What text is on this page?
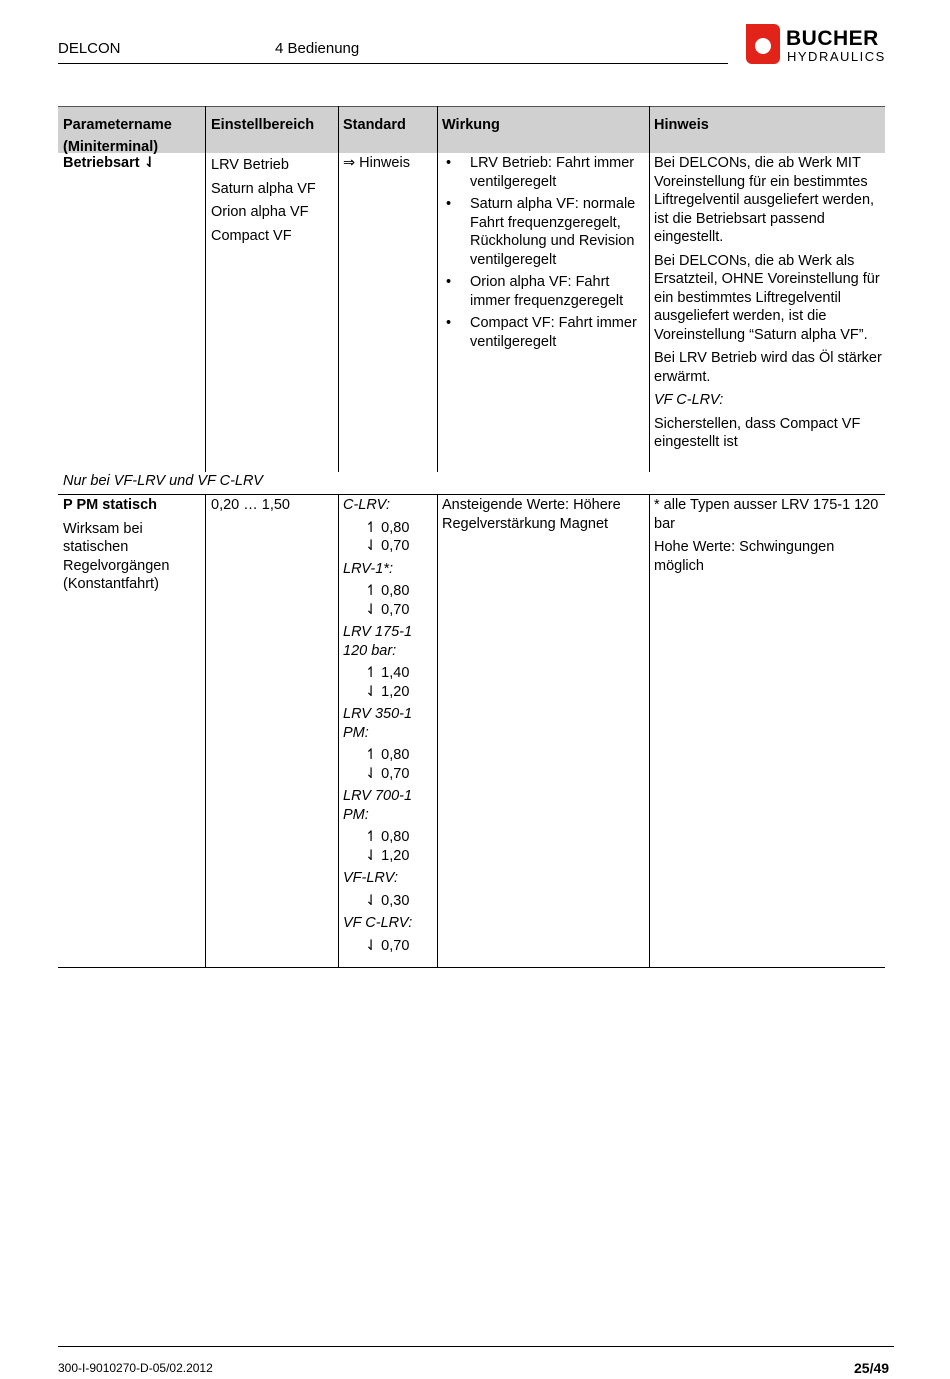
DELCON	4 Bedienung	BUCHER
HYDRAULICS
Parametername
(Miniterminal)
Einstellbereich	Standard	Wirkung	Hinweis

Betriebsart ⇃	LRV Betrieb
Saturn alpha VF
Orion alpha VF
Compact VF

⇒ Hinweis

•	LRV Betrieb: Fahrt immer ventilgeregelt
• Saturn alpha VF: normale Fahrt frequenzgeregelt, Rückholung und Revision ventilgeregelt
• Orion alpha VF: Fahrt immer frequenzgeregelt
• Compact VF: Fahrt immer ventilgeregelt

Bei DELCONs, die ab Werk MIT Voreinstellung für ein bestimmtes Liftregelventil ausgeliefert werden, ist die Betriebsart passend eingestellt.

Bei DELCONs, die ab Werk als Ersatzteil, OHNE Voreinstellung für ein bestimmtes Liftregelventil ausgeliefert werden, ist die Voreinstellung “Saturn alpha VF”.

Bei LRV Betrieb wird das Öl stärker erwärmt.

VF C-LRV:

Sicherstellen, dass Compact VF eingestellt ist

Nur bei VF-LRV und VF C-LRV

P PM statisch

Wirksam bei statischen Regelvorgängen (Konstantfahrt)

0,20 … 1,50	C-LRV:

↿ 0,80
⇃ 0,70

LRV-1*:

↿ 0,80
⇃ 0,70

LRV 175-1 120 bar:

↿ 1,40
⇃ 1,20

LRV 350-1 PM:

↿ 0,80
⇃ 0,70

LRV 700-1 PM:

↿ 0,80
⇃ 1,20

VF-LRV:

⇃ 0,30

VF C-LRV:

⇃ 0,70

Ansteigende Werte: Höhere Regelverstärkung Magnet

* alle Typen ausser LRV 175-1 120 bar

Hohe Werte: Schwingungen möglich

300-I-9010270-D-05/02.2012	25/49
